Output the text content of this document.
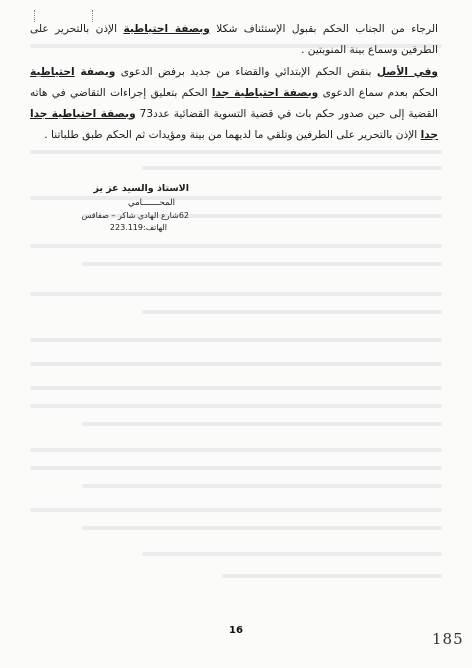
الرجاء من الجناب الحكم بقبول الإستئناف شكلا وبصفة احتياطية الإذن بالتحرير على الطرفين وسماع بينة المنوبتين .

وفي الأصل بنقض الحكم الإبتدائي والقضاء من جديد برفض الدعوى وبصفة احتياطية الحكم بعدم سماع الدعوى وبصفة احتياطية جدا الحكم بتعليق إجراءات التقاضي في هاته القضية إلى حين صدور حكم بات في قضية التسوية القضائية عدد73 وبصفة احتياطية جدا جدا الإذن بالتحرير على الطرفين وتلقي ما لديهما من بينة ومؤيدات ثم الحكم طبق طلباتنا .

الاستاذ والسيد عز يز
المحـــــــامي
62شارع الهادي شاكر – صفاقس
الهاتف:223.119
16	185
